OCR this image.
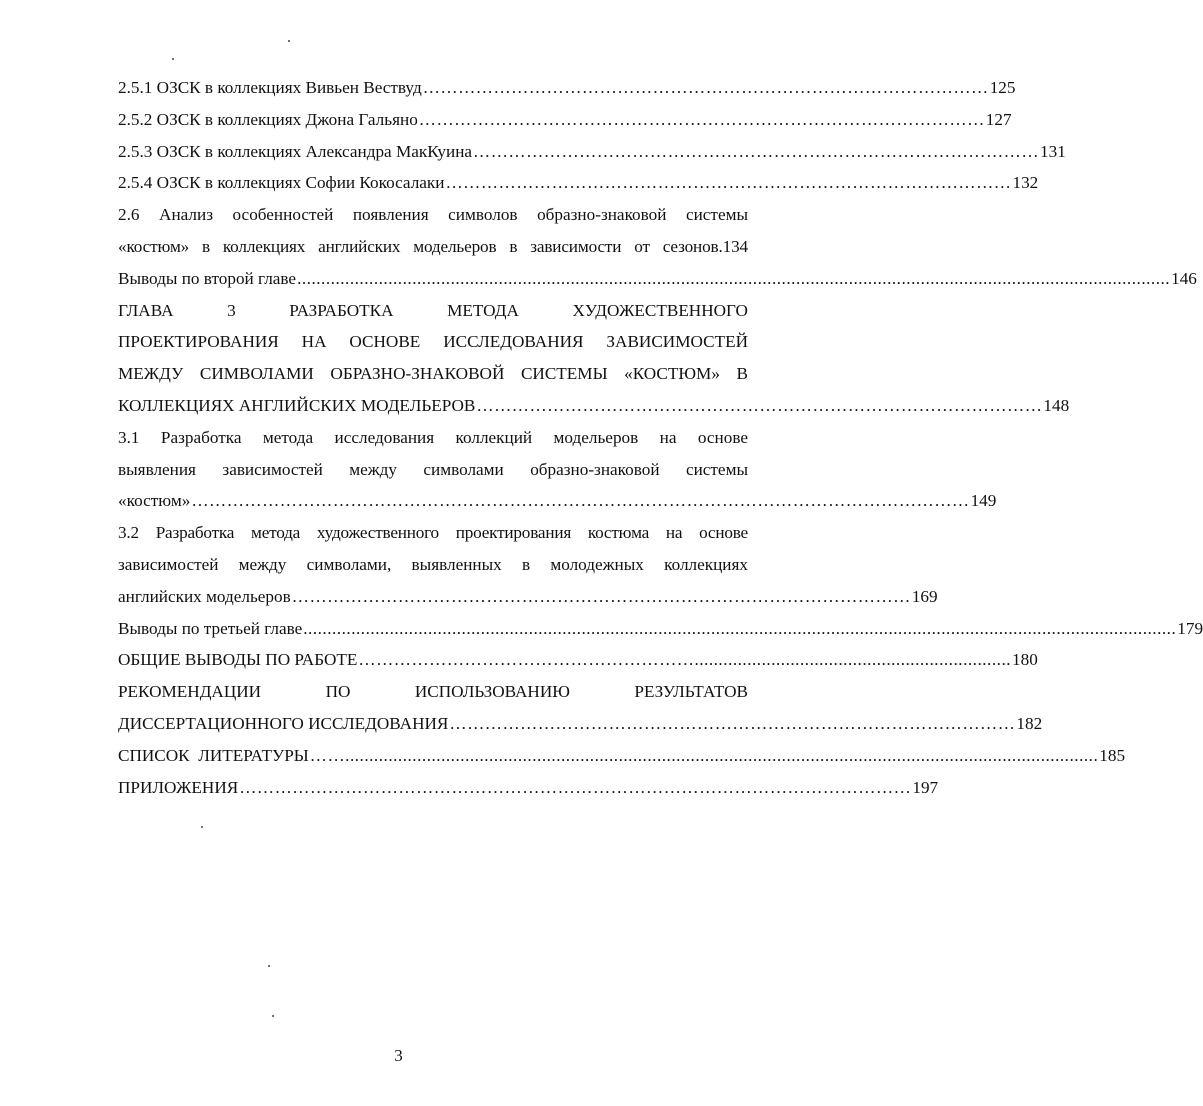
2.5.1 ОЗСК в коллекциях Вивьен Вествуд …………………………………………………………………………………… 125
2.5.2 ОЗСК в коллекциях Джона Гальяно …………………………………………………………………………………… 127
2.5.3 ОЗСК в коллекциях Александра МакКуина …………………………………………………………………………………… 131
2.5.4 ОЗСК в коллекциях Софии Кокосалаки …………………………………………………………………………………… 132
2.6 Анализ особенностей появления символов образно-знаковой системы
«костюм» в коллекциях английских модельеров в зависимости от сезонов.134
Выводы по второй главе ...................................................................................................................................................................................... 146
ГЛАВА	3	РАЗРАБОТКА	МЕТОДА	ХУДОЖЕСТВЕННОГО
ПРОЕКТИРОВАНИЯ НА ОСНОВЕ ИССЛЕДОВАНИЯ ЗАВИСИМОСТЕЙ
МЕЖДУ СИМВОЛАМИ ОБРАЗНО-ЗНАКОВОЙ СИСТЕМЫ «КОСТЮМ» В
КОЛЛЕКЦИЯХ АНГЛИЙСКИХ МОДЕЛЬЕРОВ …………………………………………………………………………………… 148
3.1 Разработка метода исследования коллекций модельеров на основе
выявления зависимостей между символами образно-знаковой системы
«костюм» …………………………………………………………………………………………………………………… 149
3.2 Разработка метода художественного проектирования костюма на основе
зависимостей между символами, выявленных в молодежных коллекциях
английских модельеров …………………………………………………………………………………………… 169
Выводы по третьей главе ...................................................................................................................................................................................... 179
ОБЩИЕ ВЫВОДЫ ПО РАБОТЕ ………………………………………………….................................................................. 180
РЕКОМЕНДАЦИИ	ПО	ИСПОЛЬЗОВАНИЮ	РЕЗУЛЬТАТОВ
ДИССЕРТАЦИОННОГО ИССЛЕДОВАНИЯ …………………………………………………………………………………… 182
СПИСОК  ЛИТЕРАТУРЫ ……............................................................................................................................................................. 185
ПРИЛОЖЕНИЯ …………………………………………………………………………………………………… 197
3
